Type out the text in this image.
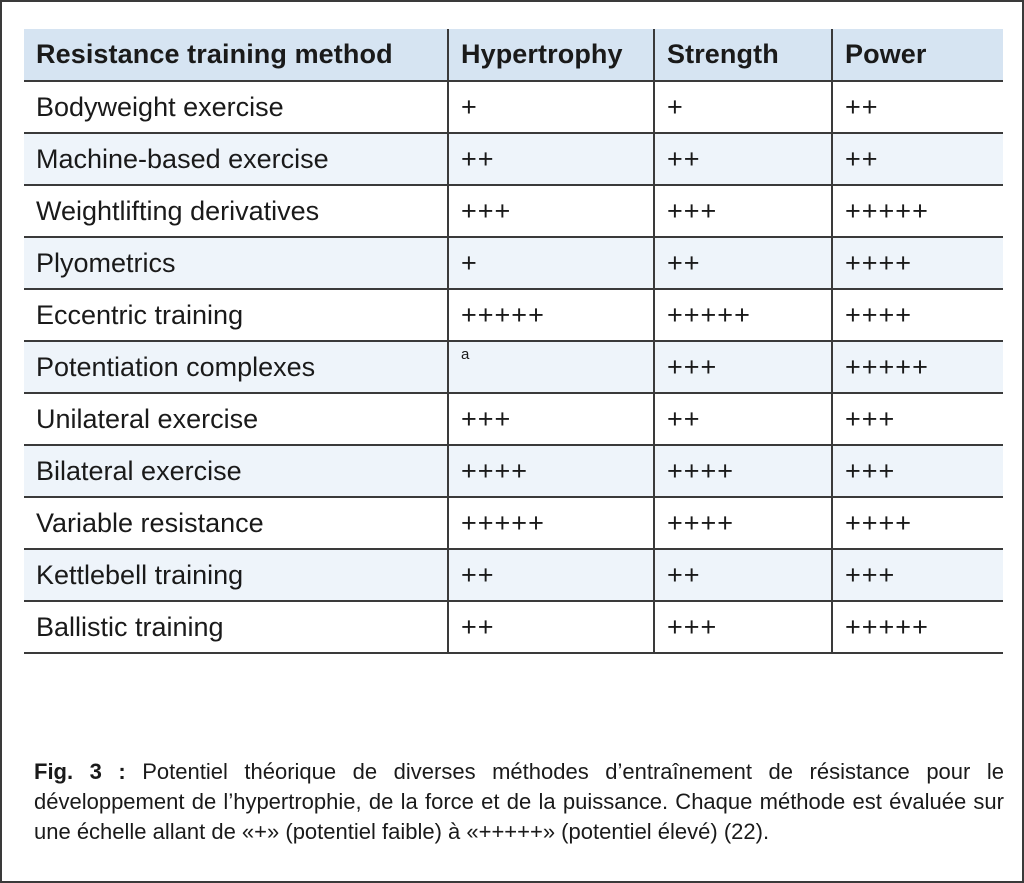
Resistance training method	Hypertrophy	Strength	Power
Bodyweight exercise	+	+	++
Machine-based exercise	++	++	++
Weightlifting derivatives	+++	+++	+++++
Plyometrics	+	++	++++
Eccentric training	+++++	+++++	++++
Potentiation complexes	$^a$	+++	+++++
Unilateral exercise	+++	++	+++
Bilateral exercise	++++	++++	+++
Variable resistance	+++++	++++	++++
Kettlebell training	++	++	+++
Ballistic training	++	+++	+++++

Fig. 3 : Potentiel théorique de diverses méthodes d’entraînement de résistance pour le développement de l’hypertrophie, de la force et de la puissance. Chaque méthode est évaluée sur une échelle allant de «+» (potentiel faible) à «+++++» (potentiel élevé) (22).
